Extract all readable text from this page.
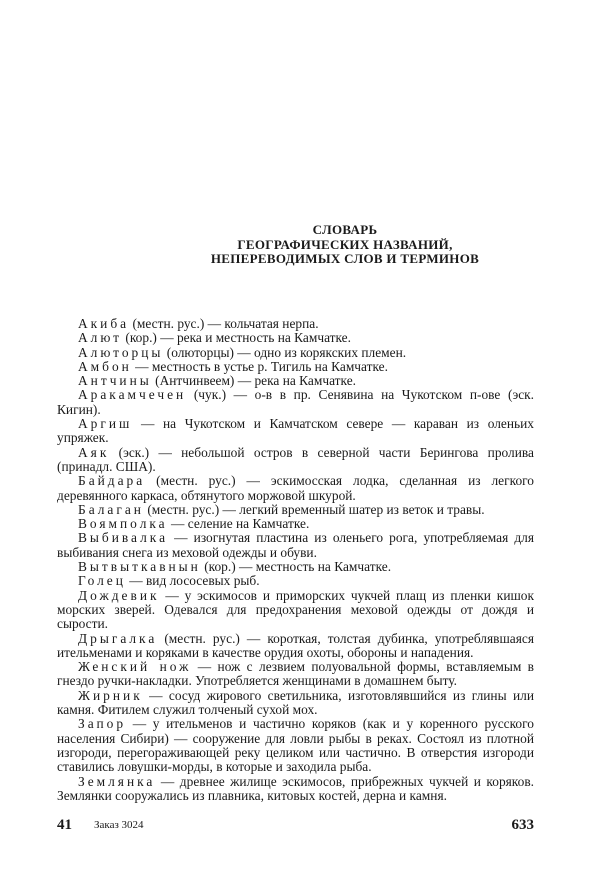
СЛОВАРЬ
ГЕОГРАФИЧЕСКИХ НАЗВАНИЙ,
НЕПЕРЕВОДИМЫХ СЛОВ И ТЕРМИНОВ

Акиба (местн. рус.) — кольчатая нерпа.

Алют (кор.) — река и местность на Камчатке.

Алюторцы (олюторцы) — одно из корякских племен.

Амбон — местность в устье р. Тигиль на Камчатке.

Антчины (Антчинвеем) — река на Камчатке.

Аракамчечен (чук.) — о-в в пр. Сенявина на Чукотском п-ове (эск. Кигин).

Аргиш — на Чукотском и Камчатском севере — караван из оленьих упряжек.

Аяк (эск.) — небольшой остров в северной части Берингова пролива (принадл. США).

Байдара (местн. рус.) — эскимосская лодка, сделанная из легкого деревянного каркаса, обтянутого моржовой шкурой.

Балаган (местн. рус.) — легкий временный шатер из веток и травы.

Воямполка — селение на Камчатке.

Выбивалка — изогнутая пластина из оленьего рога, употребляемая для выбивания снега из меховой одежды и обуви.

Вытвыткавнын (кор.) — местность на Камчатке.

Голец — вид лососевых рыб.

Дождевик — у эскимосов и приморских чукчей плащ из пленки кишок морских зверей. Одевался для предохранения меховой одежды от дождя и сырости.

Дрыгалка (местн. рус.) — короткая, толстая дубинка, употреблявшаяся ительменами и коряками в качестве орудия охоты, обороны и нападения.

Женский нож — нож с лезвием полуовальной формы, вставляемым в гнездо ручки-накладки. Употребляется женщинами в домашнем быту.

Жирник — сосуд жирового светильника, изготовлявшийся из глины или камня. Фитилем служил толченый сухой мох.

Запор — у ительменов и частично коряков (как и у коренного русского населения Сибири) — сооружение для ловли рыбы в реках. Состоял из плотной изгороди, перегораживающей реку целиком или частично. В отверстия изгороди ставились ловушки-морды, в которые и заходила рыба.

Землянка — древнее жилище эскимосов, прибрежных чукчей и коряков. Землянки сооружались из плавника, китовых костей, дерна и камня.

41 Заказ 3024	633
